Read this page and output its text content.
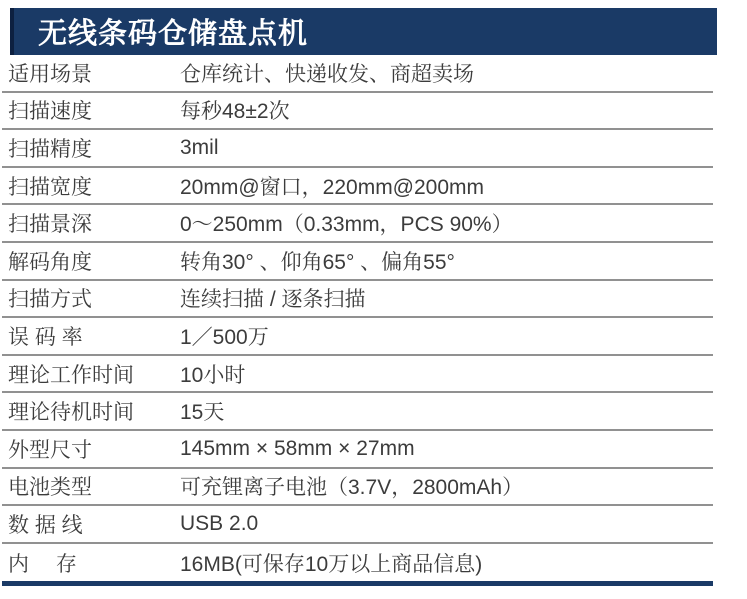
无线条码仓储盘点机
适用场景	仓库统计、快递收发、商超卖场
扫描速度	每秒48±2次
扫描精度	3mil
扫描宽度	20mm@窗口，220mm@200mm
扫描景深	0～250mm（0.33mm，PCS 90%）
解码角度	转角30° 、仰角65° 、偏角55°
扫描方式	连续扫描 / 逐条扫描
误 码 率	1／500万
理论工作时间	10小时
理论待机时间	15天
外型尺寸	145mm × 58mm × 27mm
电池类型	可充锂离子电池（3.7V，2800mAh）
数 据 线	USB 2.0
内　 存	16MB(可保存10万以上商品信息)
